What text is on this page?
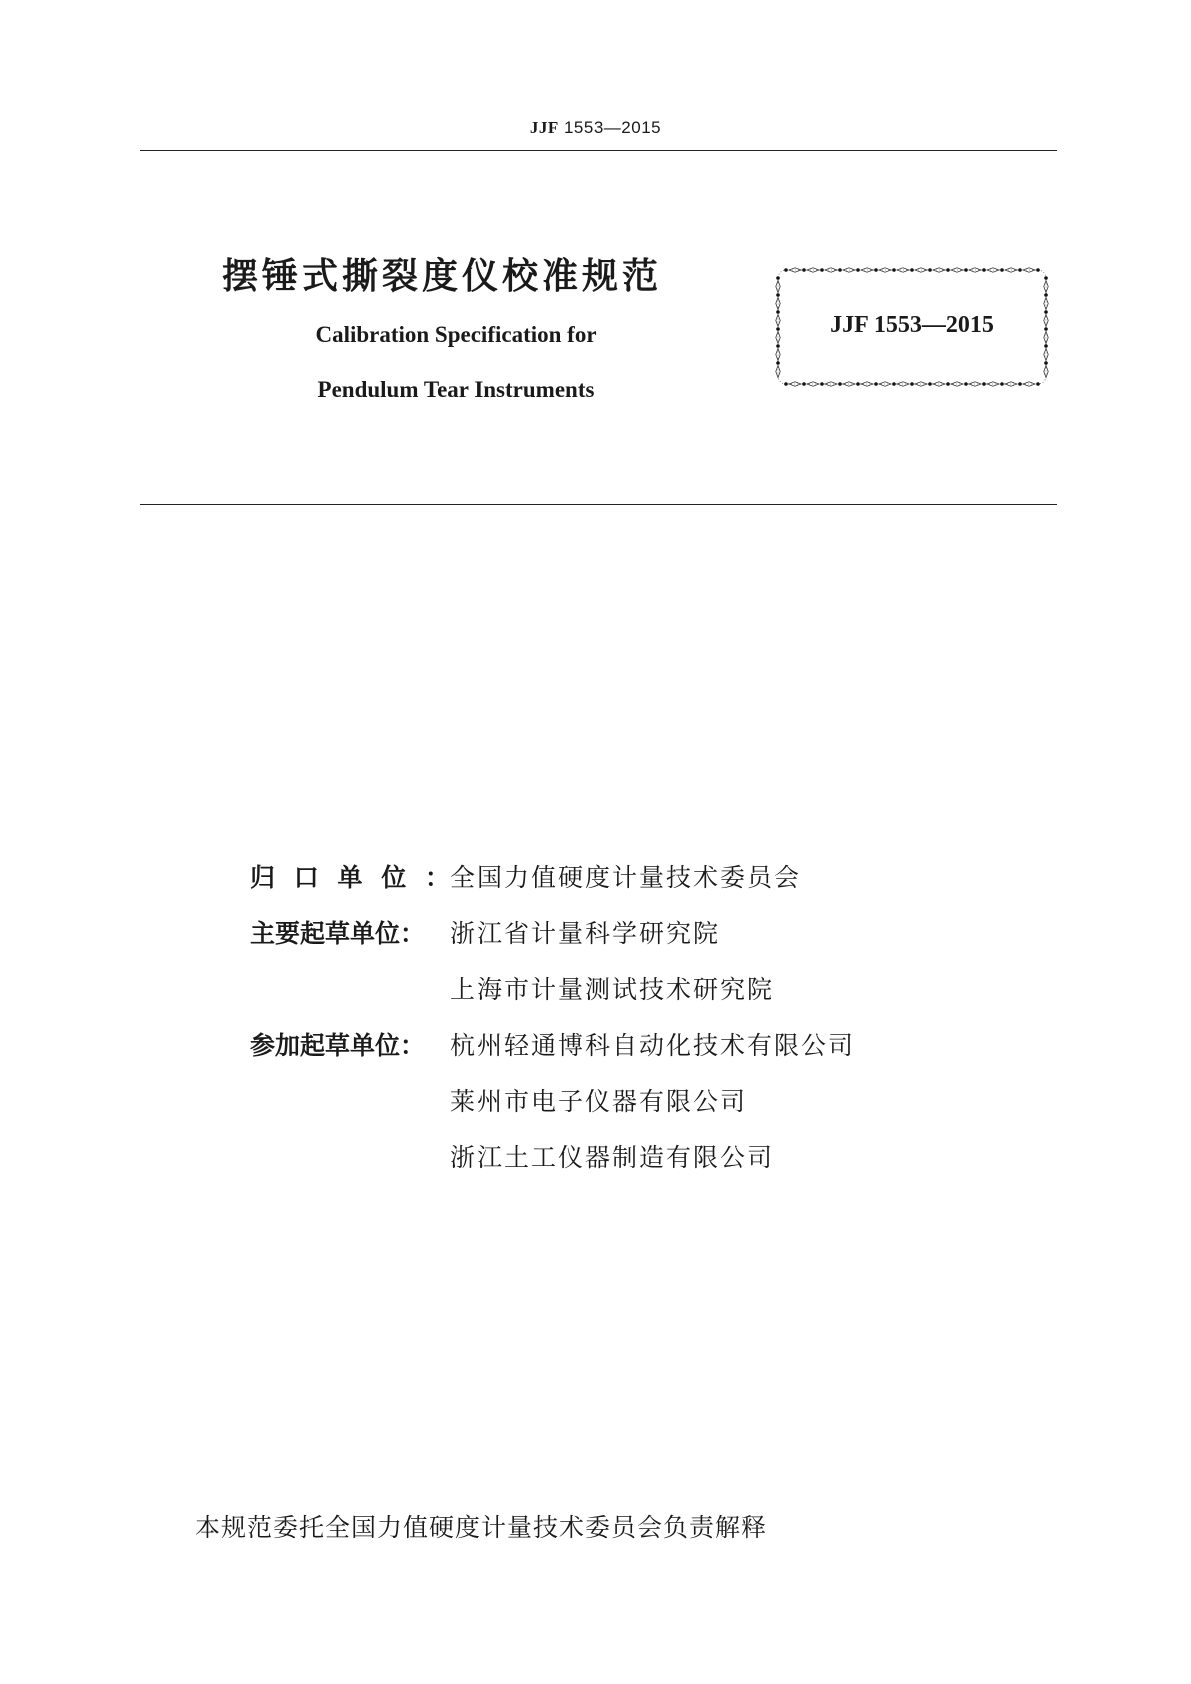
JJF 1553—2015
摆锤式撕裂度仪校准规范
Calibration Specification for
Pendulum Tear Instruments
JJF 1553—2015
归口单位： 全国力值硬度计量技术委员会
主要起草单位： 浙江省计量科学研究院
上海市计量测试技术研究院
参加起草单位： 杭州轻通博科自动化技术有限公司
莱州市电子仪器有限公司
浙江土工仪器制造有限公司
本规范委托全国力值硬度计量技术委员会负责解释
